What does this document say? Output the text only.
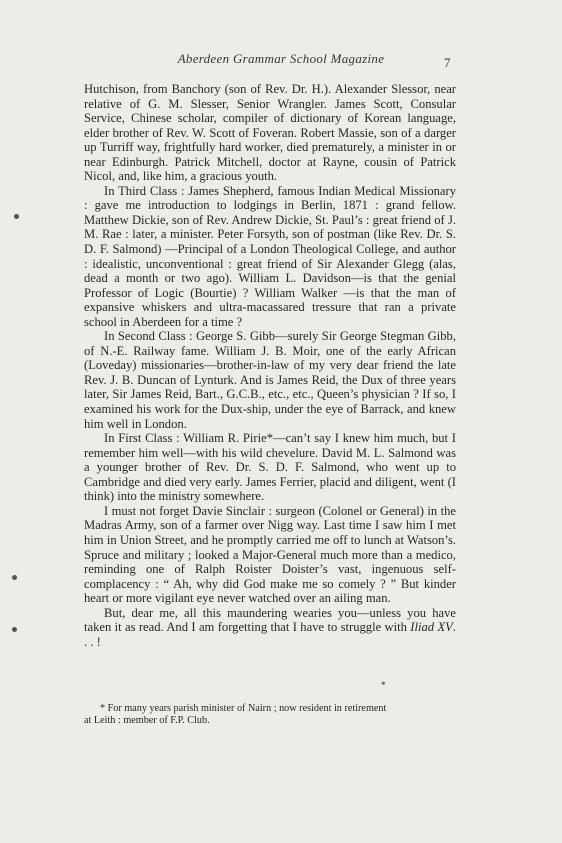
Aberdeen Grammar School Magazine	7

Hutchison, from Banchory (son of Rev. Dr. H.). Alexander Slessor, near relative of G. M. Slesser, Senior Wrangler. James Scott, Consular Service, Chinese scholar, compiler of dictionary of Korean language, elder brother of Rev. W. Scott of Foveran. Robert Massie, son of a darger up Turriff way, frightfully hard worker, died prematurely, a minister in or near Edinburgh. Patrick Mitchell, doctor at Rayne, cousin of Patrick Nicol, and, like him, a gracious youth.

In Third Class : James Shepherd, famous Indian Medical Missionary : gave me introduction to lodgings in Berlin, 1871 : grand fellow. Matthew Dickie, son of Rev. Andrew Dickie, St. Paul’s : great friend of J. M. Rae : later, a minister. Peter Forsyth, son of postman (like Rev. Dr. S. D. F. Salmond) —Principal of a London Theological College, and author : idealistic, unconventional : great friend of Sir Alexander Glegg (alas, dead a month or two ago). William L. Davidson—is that the genial Professor of Logic (Bourtie) ? William Walker —is that the man of expansive whiskers and ultra-macassared tressure that ran a private school in Aberdeen for a time ?

In Second Class : George S. Gibb—surely Sir George Stegman Gibb, of N.-E. Railway fame. William J. B. Moir, one of the early African (Loveday) missionaries—brother-in-law of my very dear friend the late Rev. J. B. Duncan of Lynturk. And is James Reid, the Dux of three years later, Sir James Reid, Bart., G.C.B., etc., etc., Queen’s physician ? If so, I examined his work for the Dux-ship, under the eye of Barrack, and knew him well in London.

In First Class : William R. Pirie*—can’t say I knew him much, but I remember him well—with his wild chevelure. David M. L. Salmond was a younger brother of Rev. Dr. S. D. F. Salmond, who went up to Cambridge and died very early. James Ferrier, placid and diligent, went (I think) into the ministry somewhere.

I must not forget Davie Sinclair : surgeon (Colonel or General) in the Madras Army, son of a farmer over Nigg way. Last time I saw him I met him in Union Street, and he promptly carried me off to lunch at Watson’s. Spruce and military ; looked a Major-General much more than a medico, reminding one of Ralph Roister Doister’s vast, ingenuous self-complacency : “ Ah, why did God make me so comely ? ” But kinder heart or more vigilant eye never watched over an ailing man.

But, dear me, all this maundering wearies you—unless you have taken it as read. And I am forgetting that I have to struggle with Iliad XV. . . !

*
* For many years parish minister of Nairn ; now resident in retirement
at Leith : member of F.P. Club.
